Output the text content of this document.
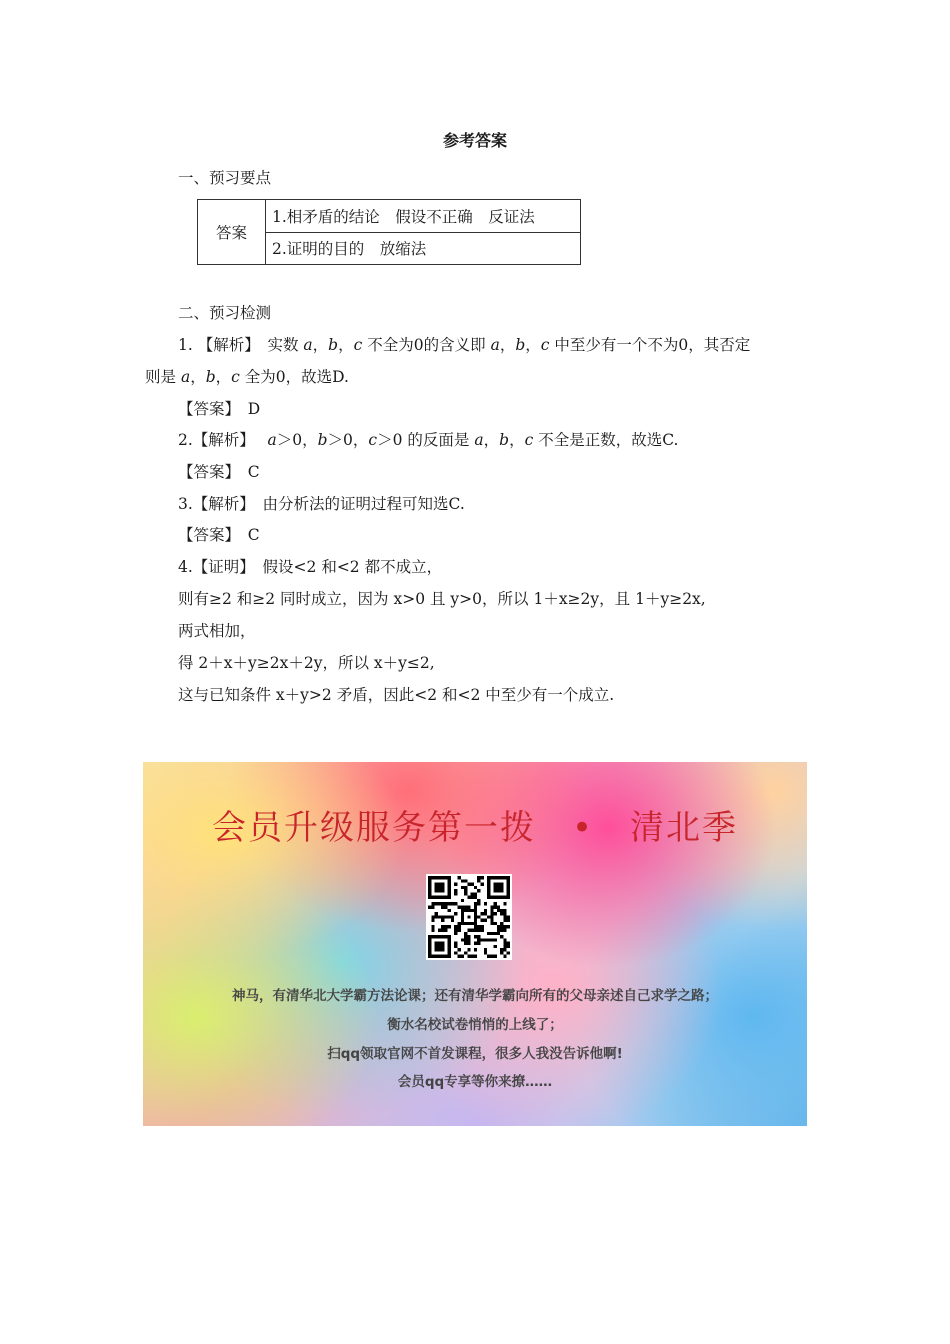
参考答案
一、预习要点
答案	1.相矛盾的结论　假设不正确　反证法
2.证明的目的　放缩法
二、预习检测
1. 【解析】　实数 a，b，c 不全为0的含义即 a，b，c 中至少有一个不为0，其否定
则是 a，b，c 全为0，故选D.
【答案】　D
2.【解析】　 a＞0，b＞0，c＞0 的反面是 a，b，c 不全是正数，故选C.
【答案】　C
3.【解析】　由分析法的证明过程可知选C.
【答案】　C
4.【证明】　假设<2 和<2 都不成立，
则有≥2 和≥2 同时成立，因为 x>0 且 y>0，所以 1＋x≥2y，且 1＋y≥2x,
两式相加，
得 2＋x＋y≥2x＋2y，所以 x＋y≤2,
这与已知条件 x＋y>2 矛盾，因此<2 和<2 中至少有一个成立.
会员升级服务第一拨　•　清北季
神马，有清华北大学霸方法论课；还有清华学霸向所有的父母亲述自己求学之路；
衡水名校试卷悄悄的上线了；
扫qq领取官网不首发课程，很多人我没告诉他啊!
会员qq专享等你来撩……
